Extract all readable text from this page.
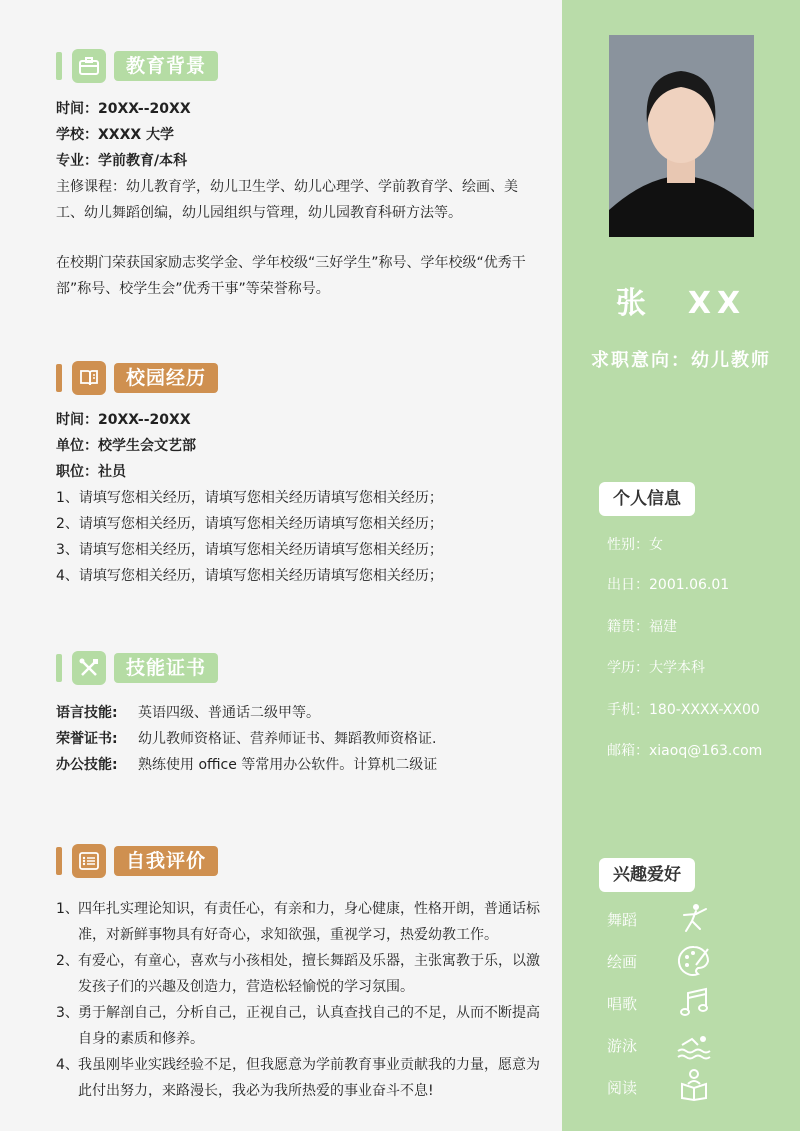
教育背景
时间：20XX--20XX
学校：XXXX 大学
专业：学前教育/本科
主修课程：幼儿教育学，幼儿卫生学、幼儿心理学、学前教育学、绘画、美工、幼儿舞蹈创编，幼儿园组织与管理，幼儿园教育科研方法等。
在校期门荣获国家励志奖学金、学年校级“三好学生”称号、学年校级“优秀干部”称号、校学生会”优秀干事”等荣誉称号。
校园经历
时间：20XX--20XX
单位：校学生会文艺部
职位：社员
1、请填写您相关经历，请填写您相关经历请填写您相关经历；
2、请填写您相关经历，请填写您相关经历请填写您相关经历；
3、请填写您相关经历，请填写您相关经历请填写您相关经历；
4、请填写您相关经历，请填写您相关经历请填写您相关经历；
技能证书
语言技能:	英语四级、普通话二级甲等。
荣誉证书:	幼儿教师资格证、营养师证书、舞蹈教师资格证.
办公技能:	熟练使用 office 等常用办公软件。计算机二级证
自我评价
1、 四年扎实理论知识，有责任心，有亲和力，身心健康，性格开朗，普通话标准，对新鲜事物具有好奇心，求知欲强，重视学习，热爱幼教工作。
2、 有爱心，有童心，喜欢与小孩相处，擅长舞蹈及乐器，主张寓教于乐，以激发孩子们的兴趣及创造力，营造松轻愉悦的学习氛围。
3、 勇于解剖自己，分析自己，正视自己，认真查找自己的不足，从而不断提高自身的素质和修养。
4、 我虽刚毕业实践经验不足，但我愿意为学前教育事业贡献我的力量，愿意为此付出努力，来路漫长，我必为我所热爱的事业奋斗不息!
张　XX
求职意向：幼儿教师
个人信息
性别：女
出日：2001.06.01
籍贯：福建
学历：大学本科
手机：180-XXXX-XX00
邮箱：xiaoq@163.com
兴趣爱好
舞蹈
绘画
唱歌
游泳
阅读
